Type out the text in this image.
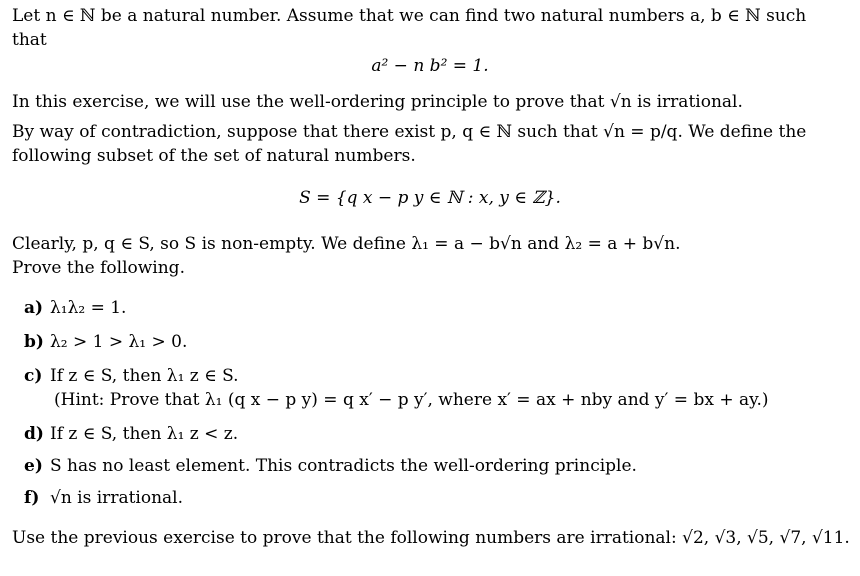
Let n ∈ ℕ be a natural number. Assume that we can find two natural numbers a, b ∈ ℕ such
that
a² − n b² = 1.
In this exercise, we will use the well-ordering principle to prove that √n is irrational.
By way of contradiction, suppose that there exist p, q ∈ ℕ such that √n = p/q. We define the
following subset of the set of natural numbers.
S = {q x − p y ∈ ℕ : x, y ∈ ℤ}.
Clearly, p, q ∈ S, so S is non-empty. We define λ₁ = a − b√n and λ₂ = a + b√n.
Prove the following.
a) λ₁λ₂ = 1.
b) λ₂ > 1 > λ₁ > 0.
c) If z ∈ S, then λ₁ z ∈ S.
(Hint: Prove that λ₁ (q x − p y) = q x′ − p y′, where x′ = ax + nby and y′ = bx + ay.)
d) If z ∈ S, then λ₁ z < z.
e) S has no least element. This contradicts the well-ordering principle.
f) √n is irrational.
Use the previous exercise to prove that the following numbers are irrational: √2, √3, √5, √7, √11.
